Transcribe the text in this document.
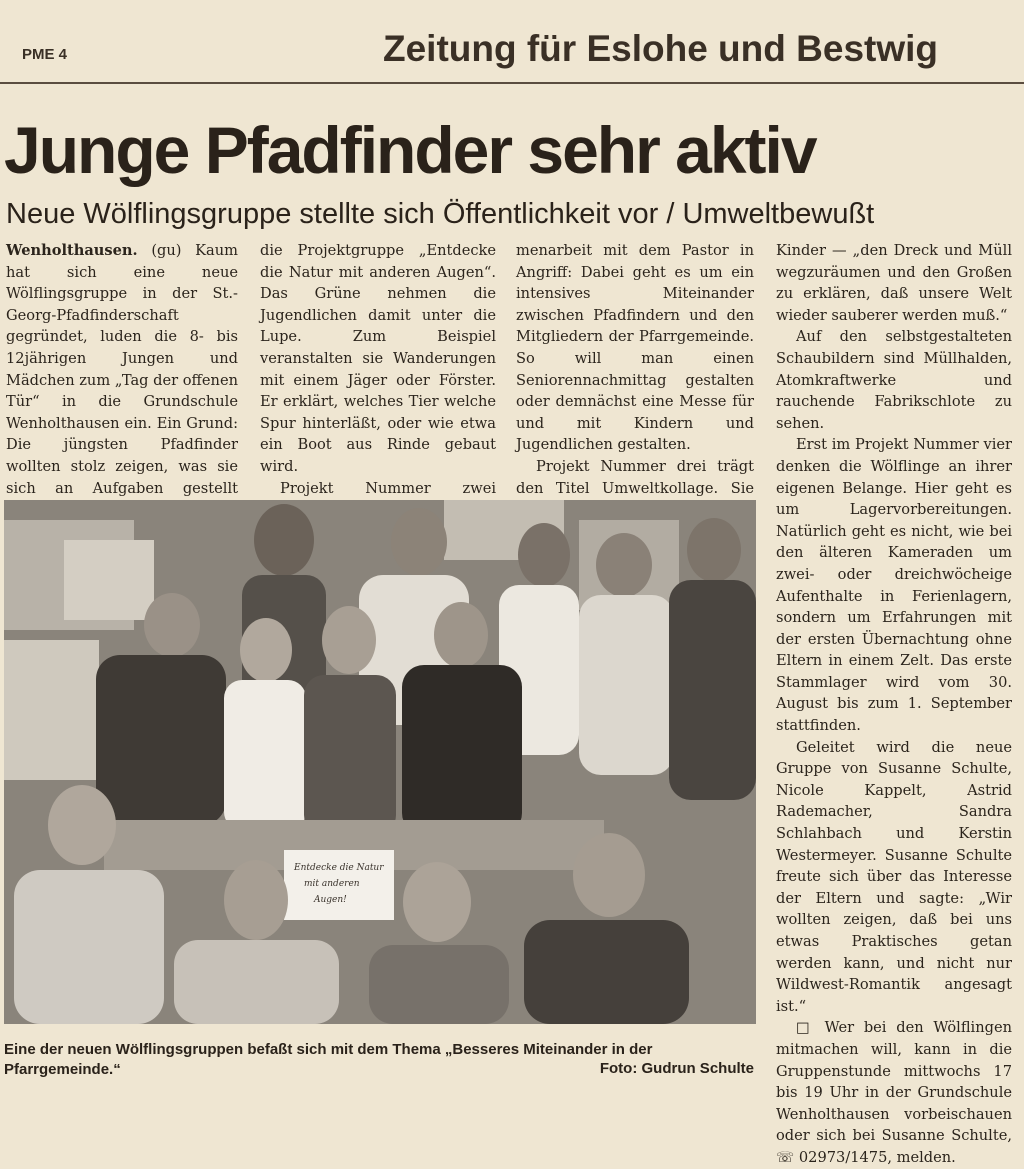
PME 4	Zeitung für Eslohe und Bestwig
Junge Pfadfinder sehr aktiv
Neue Wölflingsgruppe stellte sich Öffentlichkeit vor / Umweltbewußt

Wenholthausen. (gu) Kaum hat sich eine neue Wölflingsgruppe in der St.-Georg-Pfadfinderschaft gegründet, luden die 8- bis 12jährigen Jungen und Mädchen zum „Tag der offenen Tür“ in die Grundschule Wenholthausen ein. Ein Grund: Die jüngsten Pfadfinder wollten stolz zeigen, was sie sich an Aufgaben gestellt

die Projektgruppe „Entdecke die Natur mit anderen Augen“. Das Grüne nehmen die Jugendlichen damit unter die Lupe. Zum Beispiel veranstalten sie Wanderungen mit einem Jäger oder Förster. Er erklärt, welches Tier welche Spur hinterläßt, oder wie etwa ein Boot aus Rinde gebaut wird.

Projekt Nummer zwei

menarbeit mit dem Pastor in Angriff: Dabei geht es um ein intensives Miteinander zwischen Pfadfindern und den Mitgliedern der Pfarrgemeinde. So will man einen Seniorennachmittag gestalten oder demnächst eine Messe für und mit Kindern und Jugendlichen gestalten.

Projekt Nummer drei trägt den Titel Umweltkollage. Sie

Kinder — „den Dreck und Müll wegzuräumen und den Großen zu erklären, daß unsere Welt wieder sauberer werden muß.“

Auf den selbstgestalteten Schaubildern sind Müllhalden, Atomkraftwerke und rauchende Fabrikschlote zu sehen.

Erst im Projekt Nummer vier denken die Wölflinge an ihrer eigenen Belange. Hier geht es um Lagervorbereitungen. Natürlich geht es nicht, wie bei den älteren Kameraden um zwei- oder dreichwöcheige Aufenthalte in Ferienlagern, sondern um Erfahrungen mit der ersten Übernachtung ohne Eltern in einem Zelt. Das erste Stammlager wird vom 30. August bis zum 1. September stattfinden.

Geleitet wird die neue Gruppe von Susanne Schulte, Nicole Kappelt, Astrid Rademacher, Sandra Schlahbach und Kerstin Westermeyer. Susanne Schulte freute sich über das Interesse der Eltern und sagte: „Wir wollten zeigen, daß bei uns etwas Praktisches getan werden kann, und nicht nur Wildwest-Romantik angesagt ist.“

□ Wer bei den Wölflingen mitmachen will, kann in die Gruppenstunde mittwochs 17 bis 19 Uhr in der Grundschule Wenholthausen vorbeischauen oder sich bei Susanne Schulte, ☏ 02973/1475, melden.

Entdecke die Natur
mit anderen
Augen!
Eine der neuen Wölflingsgruppen befaßt sich mit dem Thema „Besseres Miteinander in der Pfarrgemeinde.“	Foto: Gudrun Schulte
